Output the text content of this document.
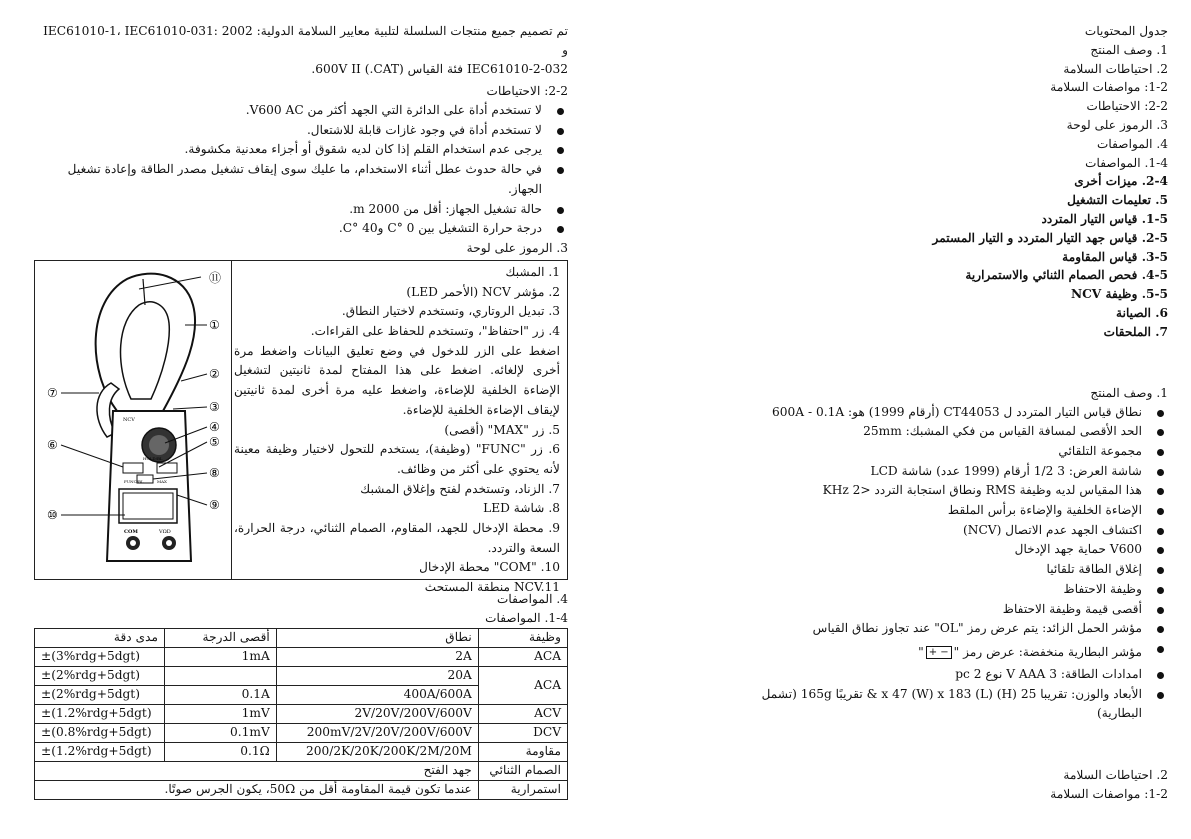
تم تصميم جميع منتجات السلسلة لتلبية معايير السلامة الدولية: IEC61010-1، IEC61010-031: 2002 و

IEC61010-2-032 فئة القياس (CAT.) 600V II.

2-2: الاحتياطات

لا تستخدم أداة على الدائرة التي الجهد أكثر من V600 AC.

لا تستخدم أداة في وجود غازات قابلة للاشتعال.

يرجى عدم استخدام القلم إذا كان لديه شقوق أو أجزاء معدنية مكشوفة.

في حالة حدوث عطل أثناء الاستخدام، ما عليك سوى إيقاف تشغيل مصدر الطاقة وإعادة تشغيل الجهاز.

حالة تشغيل الجهاز: أقل من 2000 m.

درجة حرارة التشغيل بين 0 °C و40 °C.

3. الرموز على لوحة

FUNC/BL	MAX
HOLD/BL
NCV
COM	VΩD
⑪
①
②
③
④
⑤
⑧
⑨
⑦
⑥
⑩

1. المشبك

2. مؤشر NCV (الأحمر LED)

3. تبديل الروتاري، وتستخدم لاختيار النطاق.

4. زر "احتفاظ"، وتستخدم للحفاظ على القراءات.

اضغط على الزر للدخول في وضع تعليق البيانات واضغط مرة أخرى لإلغائه. اضغط على هذا المفتاح لمدة ثانيتين لتشغيل الإضاءة الخلفية للإضاءة، واضغط عليه مرة أخرى لمدة ثانيتين لإيقاف الإضاءة الخلفية للإضاءة.

5. زر "MAX" (أقصى)

6. زر "FUNC" (وظيفة)، يستخدم للتحول لاختيار وظيفة معينة لأنه يحتوي على أكثر من وظائف.

7. الزناد، وتستخدم لفتح وإغلاق المشبك

8. شاشة LED

9. محطة الإدخال للجهد، المقاوم، الصمام الثنائي، درجة الحرارة، السعة والتردد.

10. "COM" محطة الإدخال

NCV.11 منطقة المستحث

4. المواصفات

1-4. المواصفات

وظيفة	نطاق	أقصى الدرجة	مدى دقة
ACA	2A	1mA	±(3%rdg+5dgt)
ACA	20A		±(2%rdg+5dgt)
	400A/600A	0.1A	±(2%rdg+5dgt)
ACV	2V/20V/200V/600V	1mV	±(1.2%rdg+5dgt)
DCV	200mV/2V/20V/200V/600V	0.1mV	±(0.8%rdg+5dgt)
مقاومة	200/2K/20K/200K/2M/20M	0.1Ω	±(1.2%rdg+5dgt)
الصمام الثنائي	جهد الفتح		
استمرارية	عندما تكون قيمة المقاومة أقل من 50Ω، يكون الجرس صوتًا.		

جدول المحتويات

1. وصف المنتج

2. احتياطات السلامة

1-2: مواصفات السلامة

2-2: الاحتياطات

3. الرموز على لوحة

4. المواصفات

1-4. المواصفات

2-4. ميزات أخرى

5. تعليمات التشغيل

1-5. قياس التيار المتردد

2-5. قياس جهد التيار المتردد و التيار المستمر

3-5. قياس المقاومة

4-5. فحص الصمام الثنائي والاستمرارية

5-5. وظيفة NCV

6. الصيانة

7. الملحقات

1. وصف المنتج

نطاق قياس التيار المتردد ل CT44053 (أرقام 1999) هو: 600A - 0.1A

الحد الأقصى لمسافة القياس من فكي المشبك: 25mm

مجموعة التلقائي

شاشة العرض: 3 1/2 أرقام (1999 عدد) شاشة LCD

هذا المقياس لديه وظيفة RMS ونطاق استجابة التردد <2 KHz

الإضاءة الخلفية والإضاءة برأس الملقط

اكتشاف الجهد عدم الاتصال (NCV)

V600 حماية جهد الإدخال

إغلاق الطاقة تلقائيا

وظيفة الاحتفاظ

أقصى قيمة وظيفة الاحتفاظ

مؤشر الحمل الزائد: يتم عرض رمز "OL" عند تجاوز نطاق القياس

مؤشر البطارية منخفضة: عرض رمز "− +"

امدادات الطاقة: 3 V AAA نوع 2 pc

الأبعاد والوزن: تقريبا 25 (H) x 47 (W) x 183 (L) & تقريبًا 165g (تشمل البطارية)

2. احتياطات السلامة

1-2: مواصفات السلامة
